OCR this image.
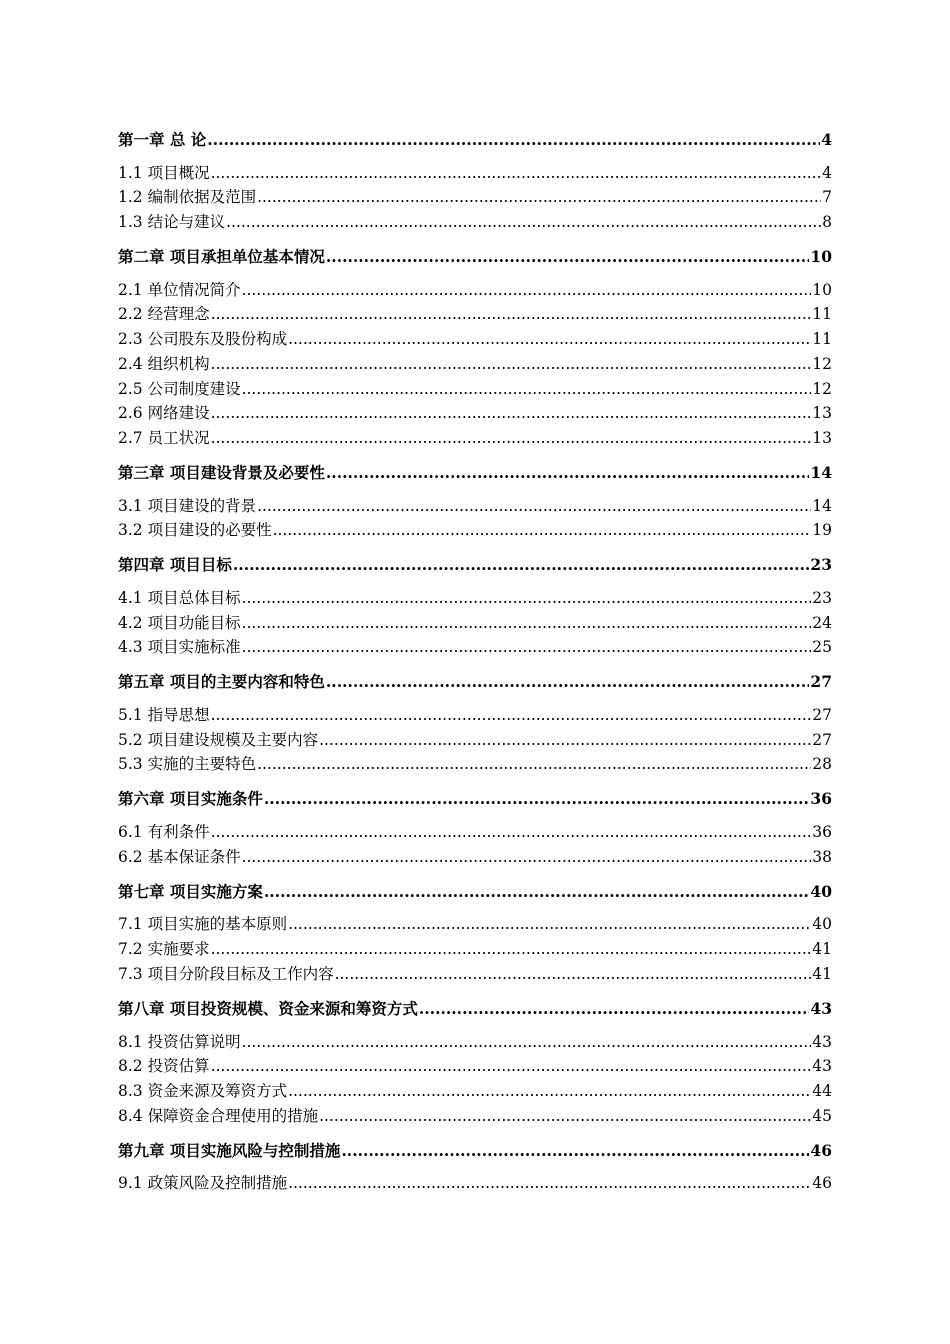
第一章 总 论 .....	4
1.1 项目概况 .....	4
1.2 编制依据及范围 .....	7
1.3 结论与建议 .....	8
第二章 项目承担单位基本情况 .....	10
2.1 单位情况简介 .....	10
2.2 经营理念 .....	11
2.3 公司股东及股份构成 .....	11
2.4 组织机构 .....	12
2.5 公司制度建设 .....	12
2.6 网络建设 .....	13
2.7 员工状况 .....	13
第三章 项目建设背景及必要性 .....	14
3.1 项目建设的背景 .....	14
3.2 项目建设的必要性 .....	19
第四章 项目目标 .....	23
4.1 项目总体目标 .....	23
4.2 项目功能目标 .....	24
4.3 项目实施标准 .....	25
第五章 项目的主要内容和特色 .....	27
5.1 指导思想 .....	27
5.2 项目建设规模及主要内容 .....	27
5.3 实施的主要特色 .....	28
第六章 项目实施条件 .....	36
6.1 有利条件 .....	36
6.2 基本保证条件 .....	38
第七章 项目实施方案 .....	40
7.1 项目实施的基本原则 .....	40
7.2 实施要求 .....	41
7.3 项目分阶段目标及工作内容 .....	41
第八章 项目投资规模、资金来源和筹资方式 .....	43
8.1 投资估算说明 .....	43
8.2 投资估算 .....	43
8.3 资金来源及筹资方式 .....	44
8.4 保障资金合理使用的措施 .....	45
第九章 项目实施风险与控制措施 .....	46
9.1 政策风险及控制措施 .....	46
